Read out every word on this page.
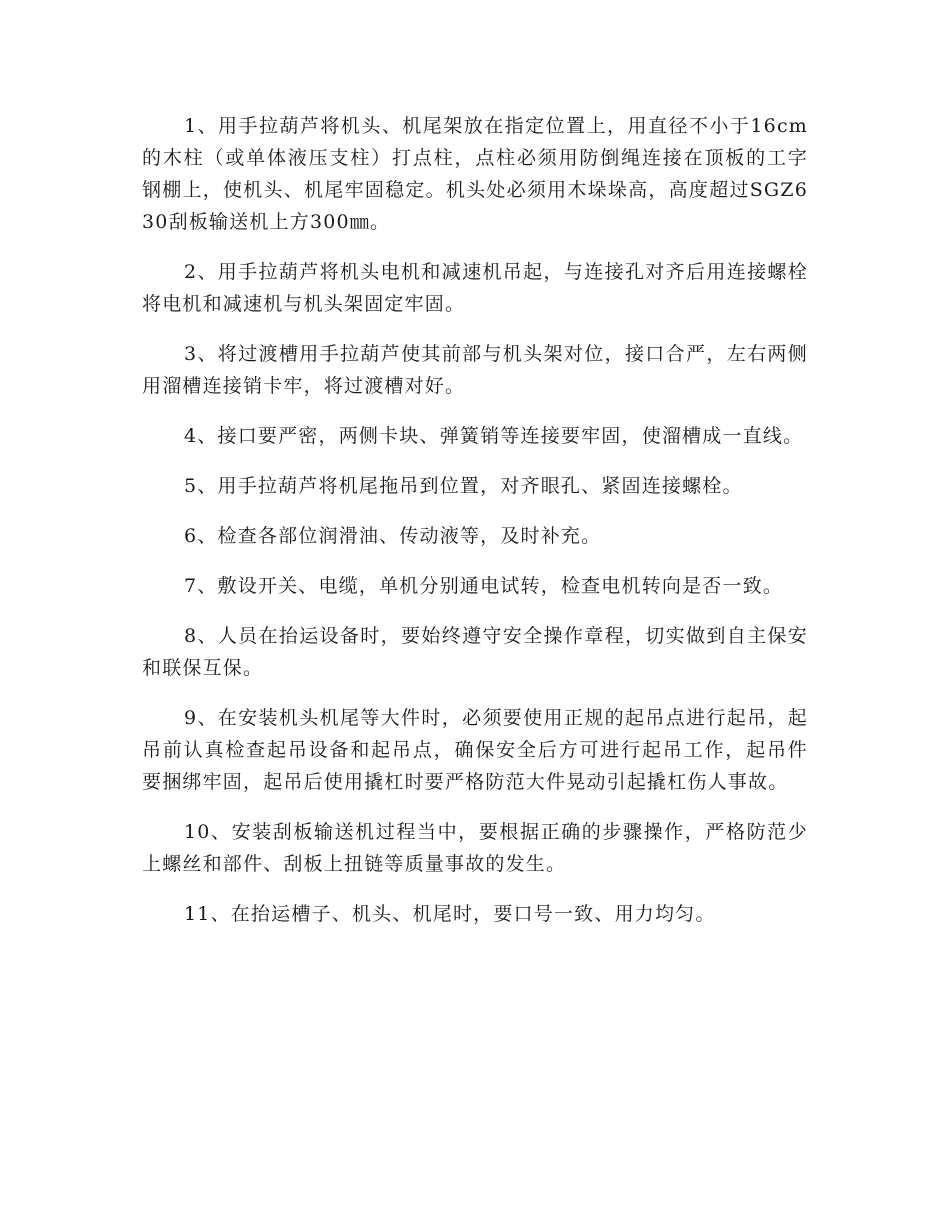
1、用手拉葫芦将机头、机尾架放在指定位置上，用直径不小于16cm的木柱（或单体液压支柱）打点柱，点柱必须用防倒绳连接在顶板的工字钢棚上，使机头、机尾牢固稳定。机头处必须用木垛垛高，高度超过SGZ630刮板输送机上方300㎜。

2、用手拉葫芦将机头电机和减速机吊起，与连接孔对齐后用连接螺栓将电机和减速机与机头架固定牢固。

3、将过渡槽用手拉葫芦使其前部与机头架对位，接口合严，左右两侧用溜槽连接销卡牢，将过渡槽对好。

4、接口要严密，两侧卡块、弹簧销等连接要牢固，使溜槽成一直线。

5、用手拉葫芦将机尾拖吊到位置，对齐眼孔、紧固连接螺栓。

6、检查各部位润滑油、传动液等，及时补充。

7、敷设开关、电缆，单机分别通电试转，检查电机转向是否一致。

8、人员在抬运设备时，要始终遵守安全操作章程，切实做到自主保安和联保互保。

9、在安装机头机尾等大件时，必须要使用正规的起吊点进行起吊，起吊前认真检查起吊设备和起吊点，确保安全后方可进行起吊工作，起吊件要捆绑牢固，起吊后使用撬杠时要严格防范大件晃动引起撬杠伤人事故。

10、安装刮板输送机过程当中，要根据正确的步骤操作，严格防范少上螺丝和部件、刮板上扭链等质量事故的发生。

11、在抬运槽子、机头、机尾时，要口号一致、用力均匀。
